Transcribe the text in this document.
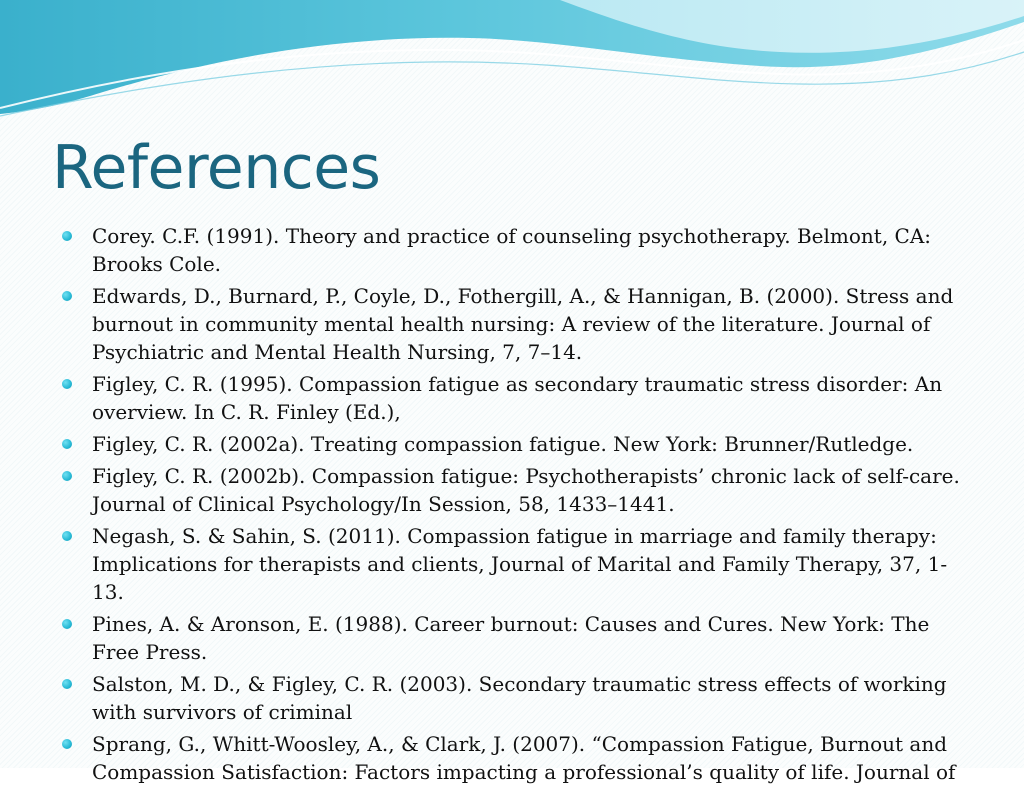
References
Corey. C.F. (1991). Theory and practice of counseling psychotherapy. Belmont, CA: Brooks Cole.
Edwards, D., Burnard, P., Coyle, D., Fothergill, A., & Hannigan, B. (2000). Stress and burnout in community mental health nursing: A review of the literature. Journal of Psychiatric and Mental Health Nursing, 7, 7–14.
Figley, C. R. (1995). Compassion fatigue as secondary traumatic stress disorder: An overview. In C. R. Finley (Ed.),
Figley, C. R. (2002a). Treating compassion fatigue. New York: Brunner/Rutledge.
Figley, C. R. (2002b). Compassion fatigue: Psychotherapists’ chronic lack of self-care. Journal of Clinical Psychology/In Session, 58, 1433–1441.
Negash, S. & Sahin, S. (2011). Compassion fatigue in marriage and family therapy: Implications for therapists and clients, Journal of Marital and Family Therapy, 37, 1-13.
Pines, A. & Aronson, E. (1988). Career burnout: Causes and Cures. New York: The Free Press.
Salston, M. D., & Figley, C. R. (2003). Secondary traumatic stress effects of working with survivors of criminal
Sprang, G., Whitt-Woosley, A., & Clark, J. (2007). “Compassion Fatigue, Burnout and Compassion Satisfaction: Factors impacting a professional’s quality of life. Journal of
